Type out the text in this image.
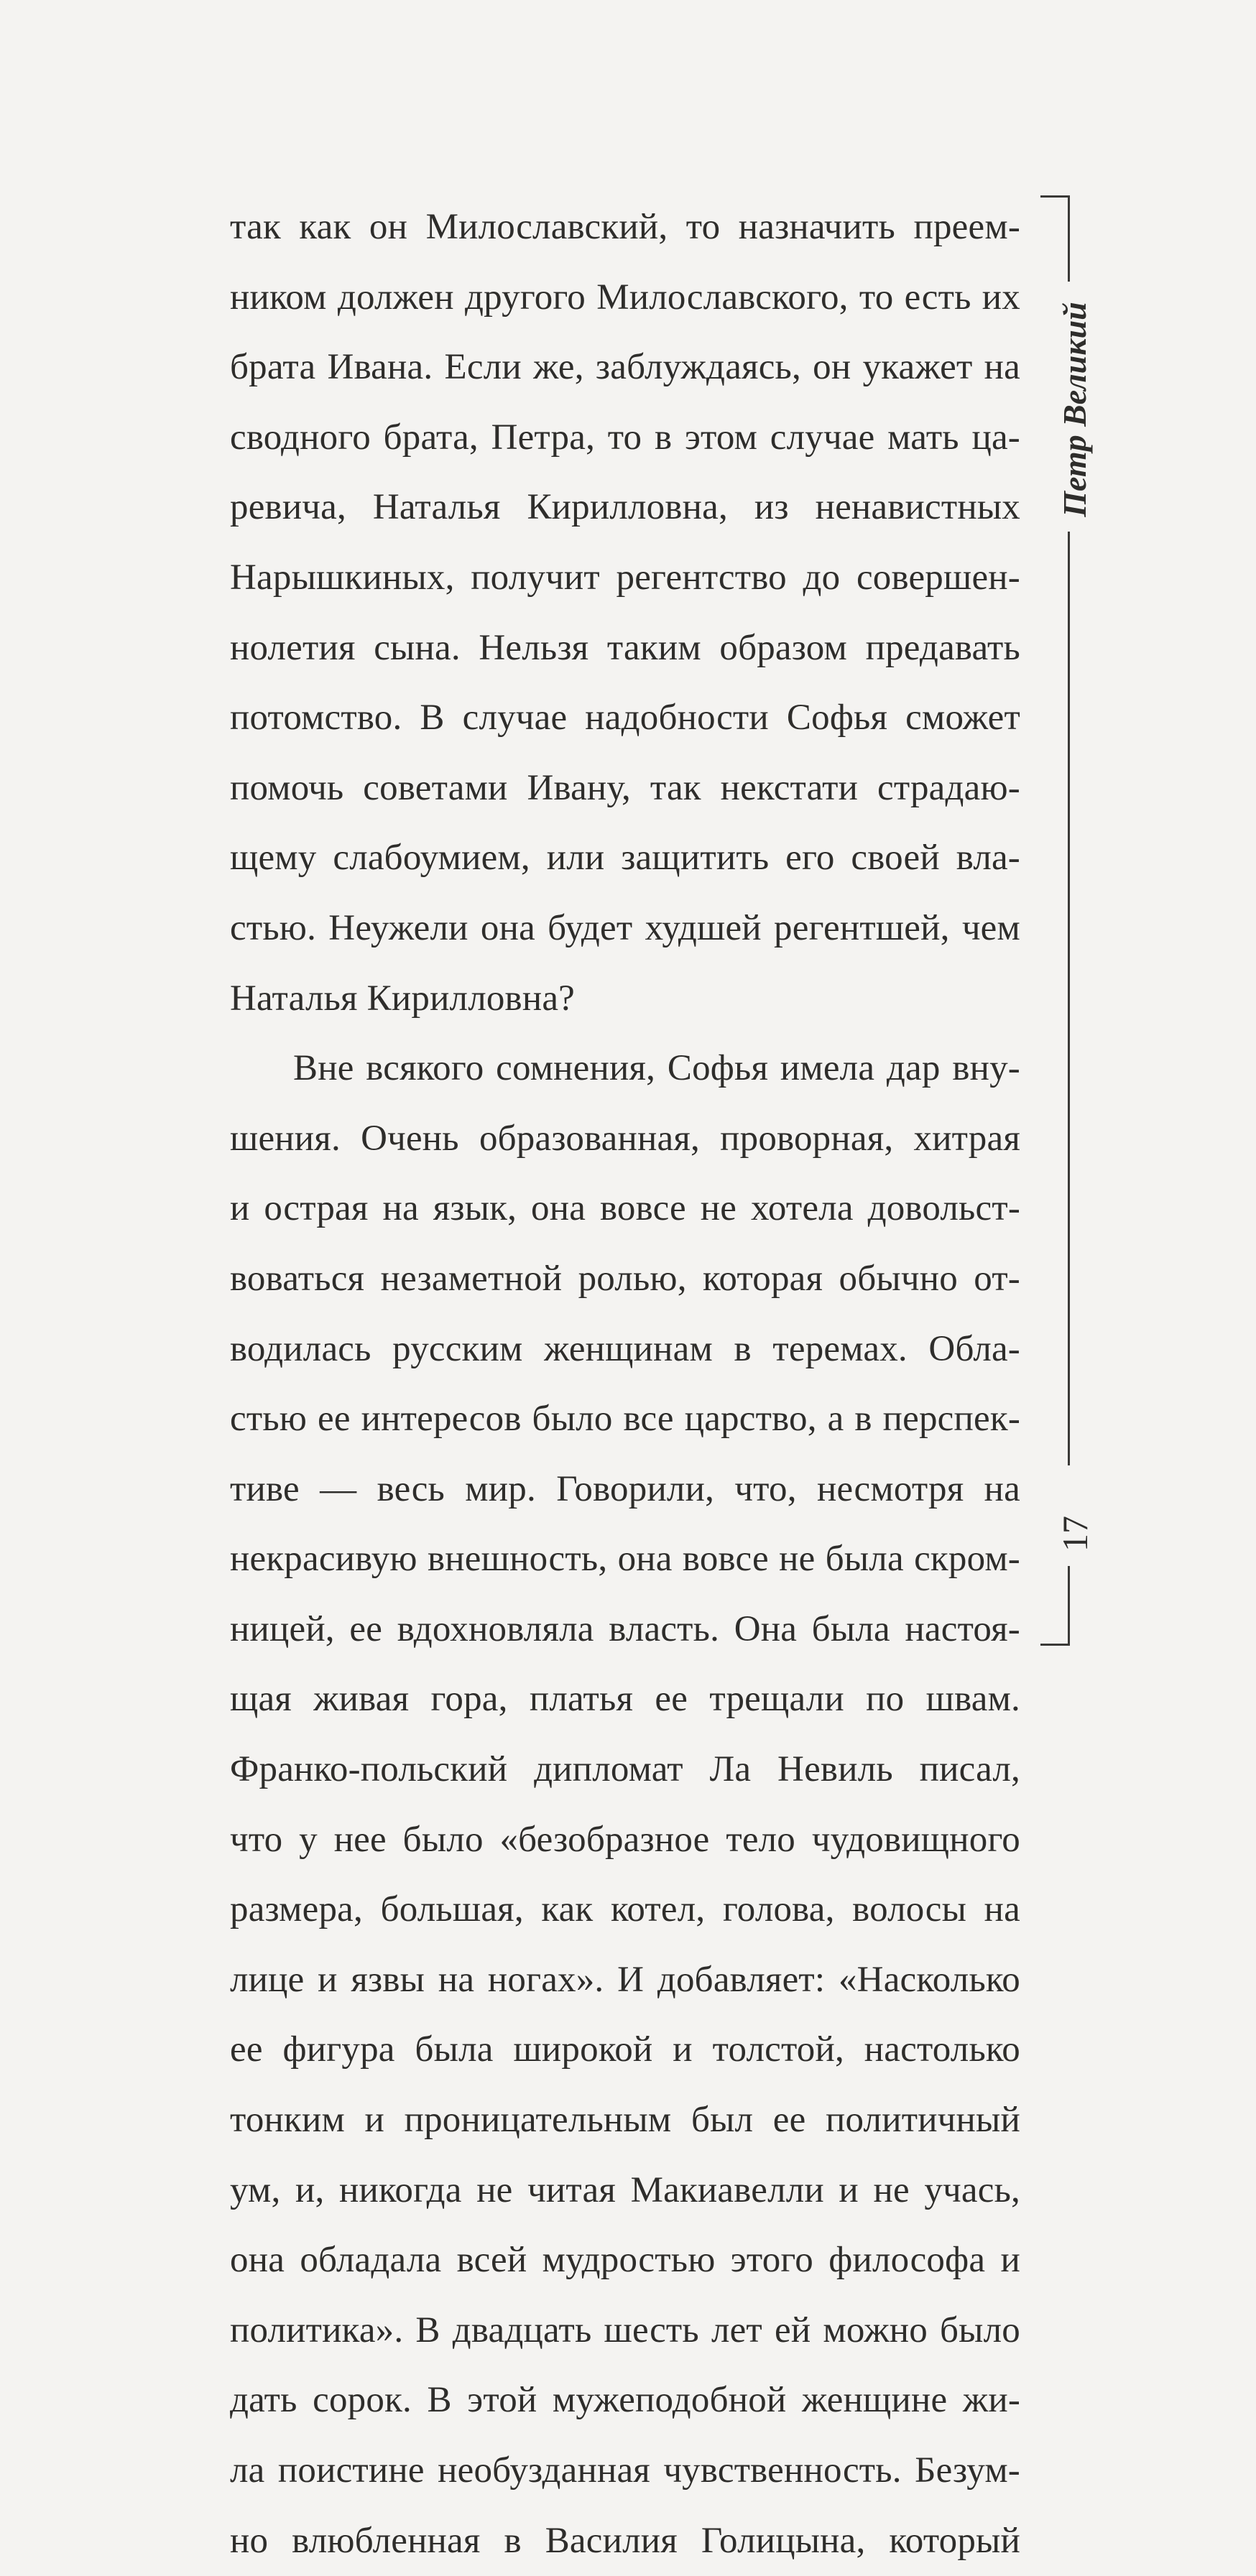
Петр Великий
17
так как он Милославский, то назначить преем-
ником должен другого Милославского, то есть их
брата Ивана. Если же, заблуждаясь, он укажет на
сводного брата, Петра, то в этом случае мать ца-
ревича, Наталья Кирилловна, из ненавистных
Нарышкиных, получит регентство до совершен-
нолетия сына. Нельзя таким образом предавать
потомство. В случае надобности Софья сможет
помочь советами Ивану, так некстати страдаю-
щему слабоумием, или защитить его своей вла-
стью. Неужели она будет худшей регентшей, чем
Наталья Кирилловна?
Вне всякого сомнения, Софья имела дар вну-
шения. Очень образованная, проворная, хитрая
и острая на язык, она вовсе не хотела довольст-
воваться незаметной ролью, которая обычно от-
водилась русским женщинам в теремах. Обла-
стью ее интересов было все царство, а в перспек-
тиве — весь мир. Говорили, что, несмотря на
некрасивую внешность, она вовсе не была скром-
ницей, ее вдохновляла власть. Она была настоя-
щая живая гора, платья ее трещали по швам.
Франко-польский дипломат Ла Невиль писал,
что у нее было «безобразное тело чудовищного
размера, большая, как котел, голова, волосы на
лице и язвы на ногах». И добавляет: «Насколько
ее фигура была широкой и толстой, настолько
тонким и проницательным был ее политичный
ум, и, никогда не читая Макиавелли и не учась,
она обладала всей мудростью этого философа и
политика». В двадцать шесть лет ей можно было
дать сорок. В этой мужеподобной женщине жи-
ла поистине необузданная чувственность. Безум-
но влюбленная в Василия Голицына, который
